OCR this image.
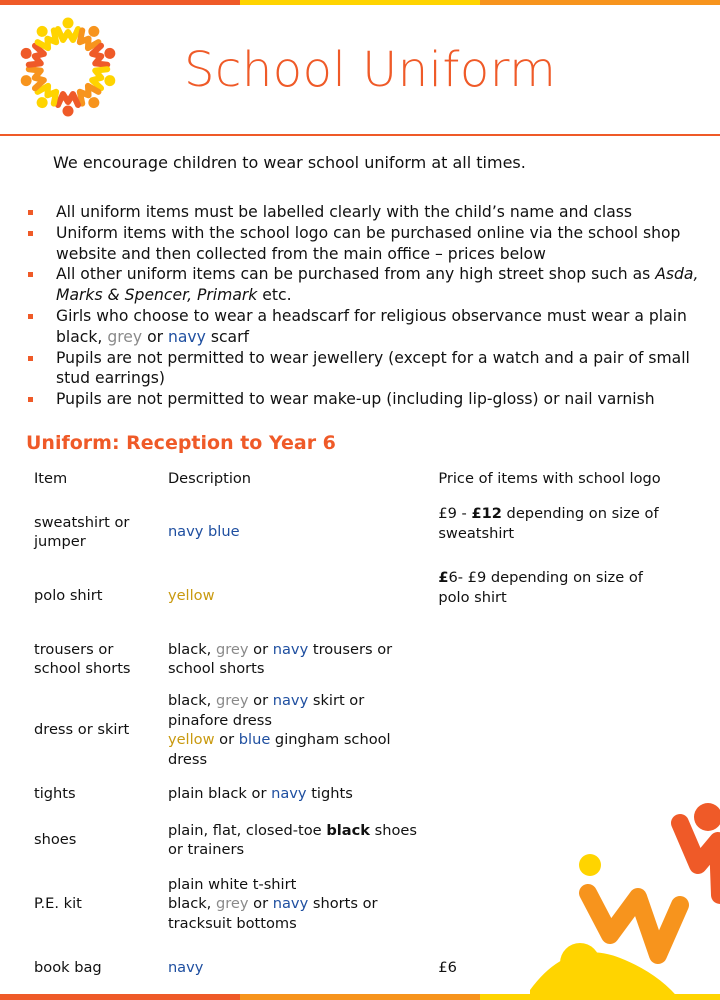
School Uniform

We encourage children to wear school uniform at all times.

All uniform items must be labelled clearly with the child’s name and class
Uniform items with the school logo can be purchased online via the school shop website and then collected from the main office – prices below
All other uniform items can be purchased from any high street shop such as Asda, Marks & Spencer, Primark etc.
Girls who choose to wear a headscarf for religious observance must wear a plain black, grey or navy scarf
Pupils are not permitted to wear jewellery (except for a watch and a pair of small stud earrings)
Pupils are not permitted to wear make-up (including lip-gloss) or nail varnish
Uniform: Reception to Year 6
Item	Description	Price of items with school logo
sweatshirt or jumper	navy blue	£9 - £12 depending on size of sweatshirt
polo shirt	yellow	£6- £9 depending on size of polo shirt
trousers or school shorts	black, grey or navy trousers or school shorts	
dress or skirt	black, grey or navy skirt or pinafore dress
yellow or blue gingham school dress	
tights	plain black or navy tights	
shoes	plain, flat, closed-toe black shoes or trainers	
P.E. kit	plain white t-shirt
black, grey or navy shorts or tracksuit bottoms	
book bag	navy	£6
